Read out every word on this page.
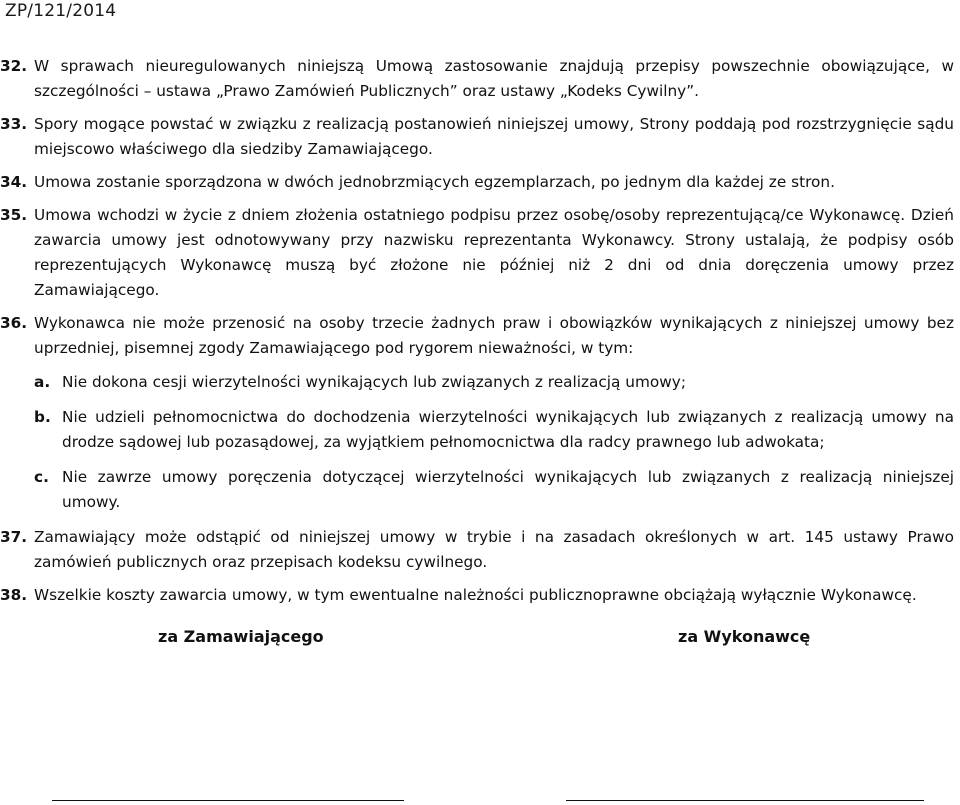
ZP/121/2014
32. W sprawach nieuregulowanych niniejszą Umową zastosowanie znajdują przepisy powszechnie obowiązujące, w szczególności – ustawa „Prawo Zamówień Publicznych” oraz ustawy „Kodeks Cywilny”.
33. Spory mogące powstać w związku z realizacją postanowień niniejszej umowy, Strony poddają pod rozstrzygnięcie sądu miejscowo właściwego dla siedziby Zamawiającego.
34. Umowa zostanie sporządzona w dwóch jednobrzmiących egzemplarzach, po jednym dla każdej ze stron.
35. Umowa wchodzi w życie z dniem złożenia ostatniego podpisu przez osobę/osoby reprezentującą/ce Wykonawcę. Dzień zawarcia umowy jest odnotowywany przy nazwisku reprezentanta Wykonawcy. Strony ustalają, że podpisy osób reprezentujących Wykonawcę muszą być złożone nie później niż 2 dni od dnia doręczenia umowy przez Zamawiającego.
36. Wykonawca nie może przenosić na osoby trzecie żadnych praw i obowiązków wynikających z niniejszej umowy bez uprzedniej, pisemnej zgody Zamawiającego pod rygorem nieważności, w tym:
a. Nie dokona cesji wierzytelności wynikających lub związanych z realizacją umowy;
b. Nie udzieli pełnomocnictwa do dochodzenia wierzytelności wynikających lub związanych z realizacją umowy na drodze sądowej lub pozasądowej, za wyjątkiem pełnomocnictwa dla radcy prawnego lub adwokata;
c. Nie zawrze umowy poręczenia dotyczącej wierzytelności wynikających lub związanych z realizacją niniejszej umowy.
37. Zamawiający może odstąpić od niniejszej umowy w trybie i na zasadach określonych w art. 145 ustawy Prawo zamówień publicznych oraz przepisach kodeksu cywilnego.
38. Wszelkie koszty zawarcia umowy, w tym ewentualne należności publicznoprawne obciążają wyłącznie Wykonawcę.
za Zamawiającego	za Wykonawcę
